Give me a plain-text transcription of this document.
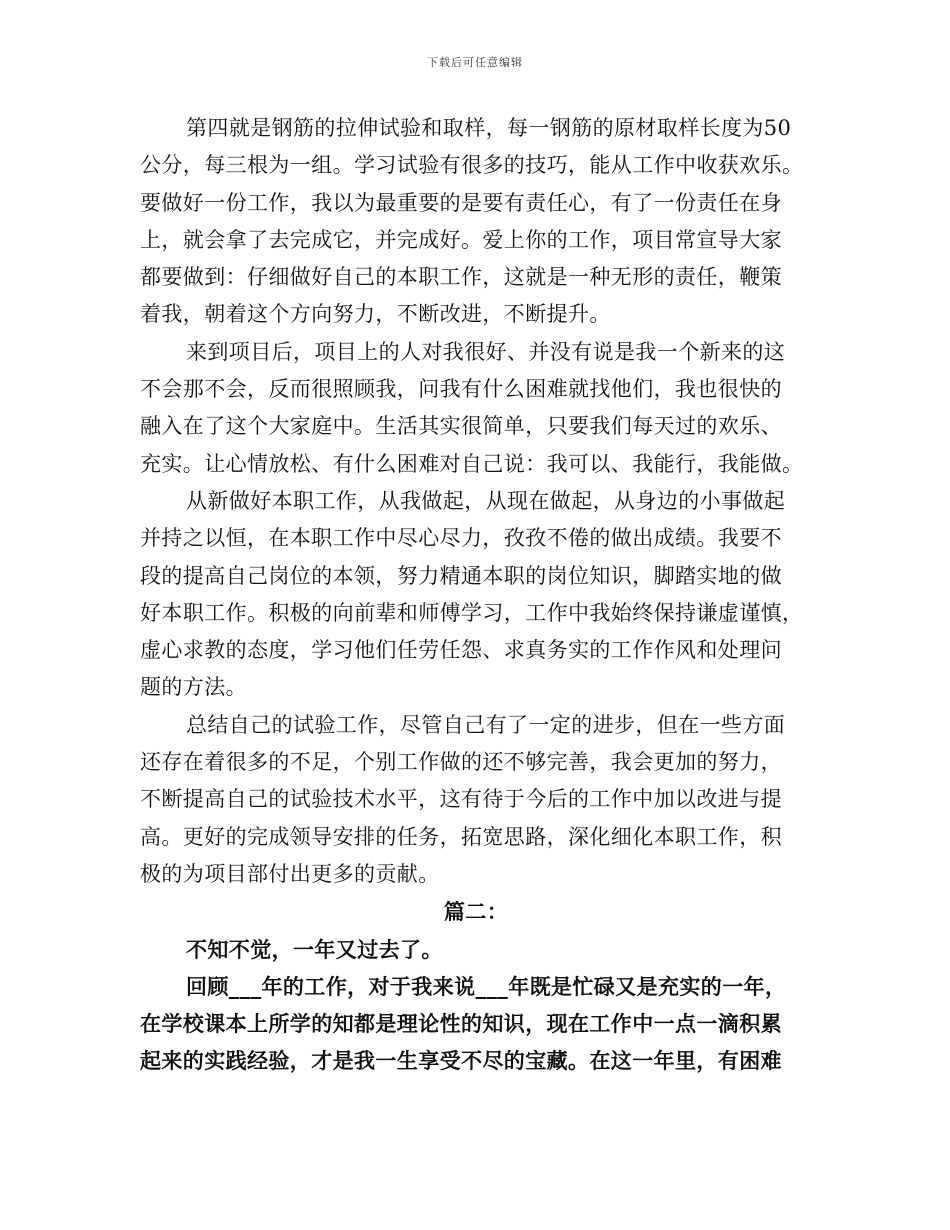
下载后可任意编辑
第四就是钢筋的拉伸试验和取样，每一钢筋的原材取样长度为50
公分，每三根为一组。学习试验有很多的技巧，能从工作中收获欢乐。
要做好一份工作，我以为最重要的是要有责任心，有了一份责任在身
上，就会拿了去完成它，并完成好。爱上你的工作，项目常宣导大家
都要做到：仔细做好自己的本职工作，这就是一种无形的责任，鞭策
着我，朝着这个方向努力，不断改进，不断提升。
来到项目后，项目上的人对我很好、并没有说是我一个新来的这
不会那不会，反而很照顾我，问我有什么困难就找他们，我也很快的
融入在了这个大家庭中。生活其实很简单，只要我们每天过的欢乐、
充实。让心情放松、有什么困难对自己说：我可以、我能行，我能做。
从新做好本职工作，从我做起，从现在做起，从身边的小事做起
并持之以恒，在本职工作中尽心尽力，孜孜不倦的做出成绩。我要不
段的提高自己岗位的本领，努力精通本职的岗位知识，脚踏实地的做
好本职工作。积极的向前辈和师傅学习，工作中我始终保持谦虚谨慎，
虚心求教的态度，学习他们任劳任怨、求真务实的工作作风和处理问
题的方法。
总结自己的试验工作，尽管自己有了一定的进步，但在一些方面
还存在着很多的不足，个别工作做的还不够完善，我会更加的努力，
不断提高自己的试验技术水平，这有待于今后的工作中加以改进与提
高。更好的完成领导安排的任务，拓宽思路，深化细化本职工作，积
极的为项目部付出更多的贡献。
篇二：
不知不觉，一年又过去了。
回顾___年的工作，对于我来说___年既是忙碌又是充实的一年，
在学校课本上所学的知都是理论性的知识，现在工作中一点一滴积累
起来的实践经验，才是我一生享受不尽的宝藏。在这一年里，有困难
